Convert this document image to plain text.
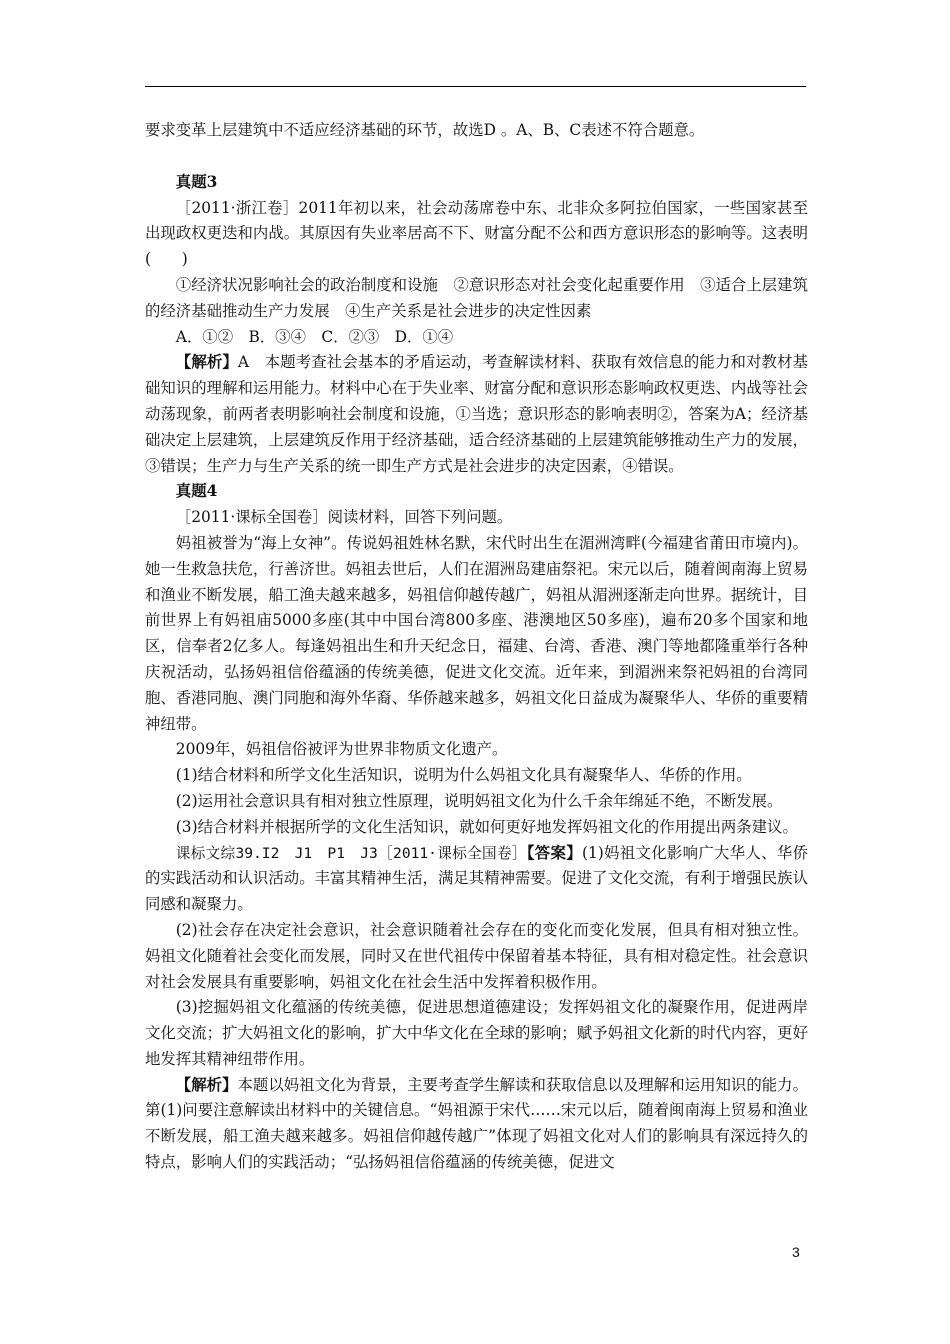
要求变革上层建筑中不适应经济基础的环节，故选D 。A、B、C表述不符合题意。

真题3

［2011·浙江卷］2011年初以来，社会动荡席卷中东、北非众多阿拉伯国家，一些国家甚至出现政权更迭和内战。其原因有失业率居高不下、财富分配不公和西方意识形态的影响等。这表明(　　)

①经济状况影响社会的政治制度和设施　②意识形态对社会变化起重要作用　③适合上层建筑的经济基础推动生产力发展　④生产关系是社会进步的决定性因素

A．①②　B．③④　C．②③　D．①④

【解析】A　本题考查社会基本的矛盾运动，考查解读材料、获取有效信息的能力和对教材基础知识的理解和运用能力。材料中心在于失业率、财富分配和意识形态影响政权更迭、内战等社会动荡现象，前两者表明影响社会制度和设施，①当选；意识形态的影响表明②，答案为A；经济基础决定上层建筑，上层建筑反作用于经济基础，适合经济基础的上层建筑能够推动生产力的发展，③错误；生产力与生产关系的统一即生产方式是社会进步的决定因素，④错误。

真题4

［2011·课标全国卷］阅读材料，回答下列问题。

妈祖被誉为“海上女神”。传说妈祖姓林名默，宋代时出生在湄洲湾畔(今福建省莆田市境内)。她一生救急扶危，行善济世。妈祖去世后，人们在湄洲岛建庙祭祀。宋元以后，随着闽南海上贸易和渔业不断发展，船工渔夫越来越多，妈祖信仰越传越广，妈祖从湄洲逐渐走向世界。据统计，目前世界上有妈祖庙5000多座(其中中国台湾800多座、港澳地区50多座)，遍布20多个国家和地区，信奉者2亿多人。每逢妈祖出生和升天纪念日，福建、台湾、香港、澳门等地都隆重举行各种庆祝活动，弘扬妈祖信俗蕴涵的传统美德，促进文化交流。近年来，到湄洲来祭祀妈祖的台湾同胞、香港同胞、澳门同胞和海外华裔、华侨越来越多，妈祖文化日益成为凝聚华人、华侨的重要精神纽带。

2009年，妈祖信俗被评为世界非物质文化遗产。

(1)结合材料和所学文化生活知识，说明为什么妈祖文化具有凝聚华人、华侨的作用。

(2)运用社会意识具有相对独立性原理，说明妈祖文化为什么千余年绵延不绝，不断发展。

(3)结合材料并根据所学的文化生活知识，就如何更好地发挥妈祖文化的作用提出两条建议。

课标文综39.I2　J1　P1　J3［2011·课标全国卷］【答案】(1)妈祖文化影响广大华人、华侨的实践活动和认识活动。丰富其精神生活，满足其精神需要。促进了文化交流，有利于增强民族认同感和凝聚力。

(2)社会存在决定社会意识，社会意识随着社会存在的变化而变化发展，但具有相对独立性。妈祖文化随着社会变化而发展，同时又在世代祖传中保留着基本特征，具有相对稳定性。社会意识对社会发展具有重要影响，妈祖文化在社会生活中发挥着积极作用。

(3)挖掘妈祖文化蕴涵的传统美德，促进思想道德建设；发挥妈祖文化的凝聚作用，促进两岸文化交流；扩大妈祖文化的影响，扩大中华文化在全球的影响；赋予妈祖文化新的时代内容，更好地发挥其精神纽带作用。

【解析】本题以妈祖文化为背景，主要考查学生解读和获取信息以及理解和运用知识的能力。第(1)问要注意解读出材料中的关键信息。“妈祖源于宋代……宋元以后，随着闽南海上贸易和渔业不断发展，船工渔夫越来越多。妈祖信仰越传越广”体现了妈祖文化对人们的影响具有深远持久的特点，影响人们的实践活动；“弘扬妈祖信俗蕴涵的传统美德，促进文

3
